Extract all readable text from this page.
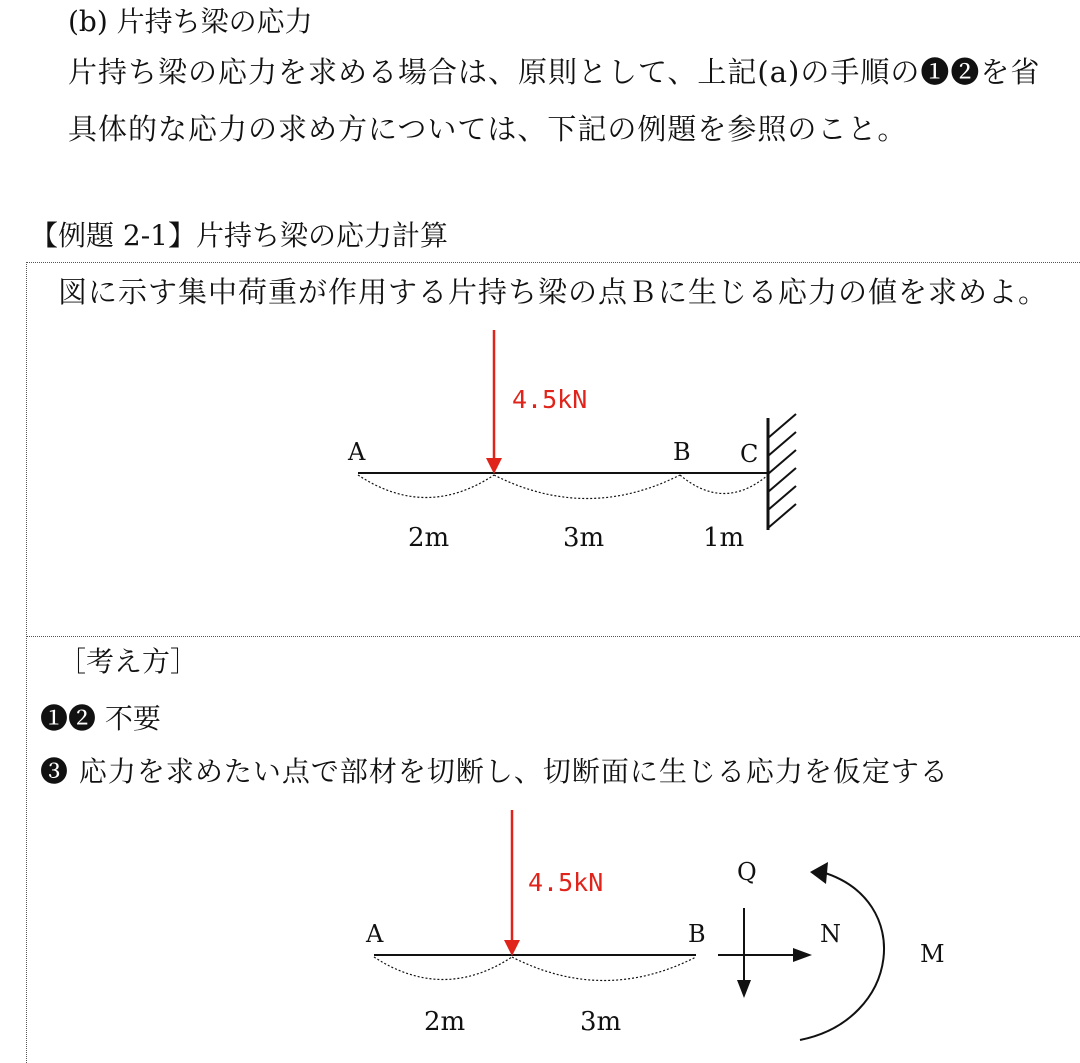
(b) 片持ち梁の応力
片持ち梁の応力を求める場合は、原則として、上記(a)の手順の❶❷を省
具体的な応力の求め方については、下記の例題を参照のこと。
【例題 2-1】片持ち梁の応力計算
図に示す集中荷重が作用する片持ち梁の点Ｂに生じる応力の値を求めよ。
［考え方］
❶❷ 不要
❸ 応力を求めたい点で部材を切断し、切断面に生じる応力を仮定する
4.5kN
A	B C
2m	3m	1m
4.5kN
A	B
2m	3m
Q
N
M
